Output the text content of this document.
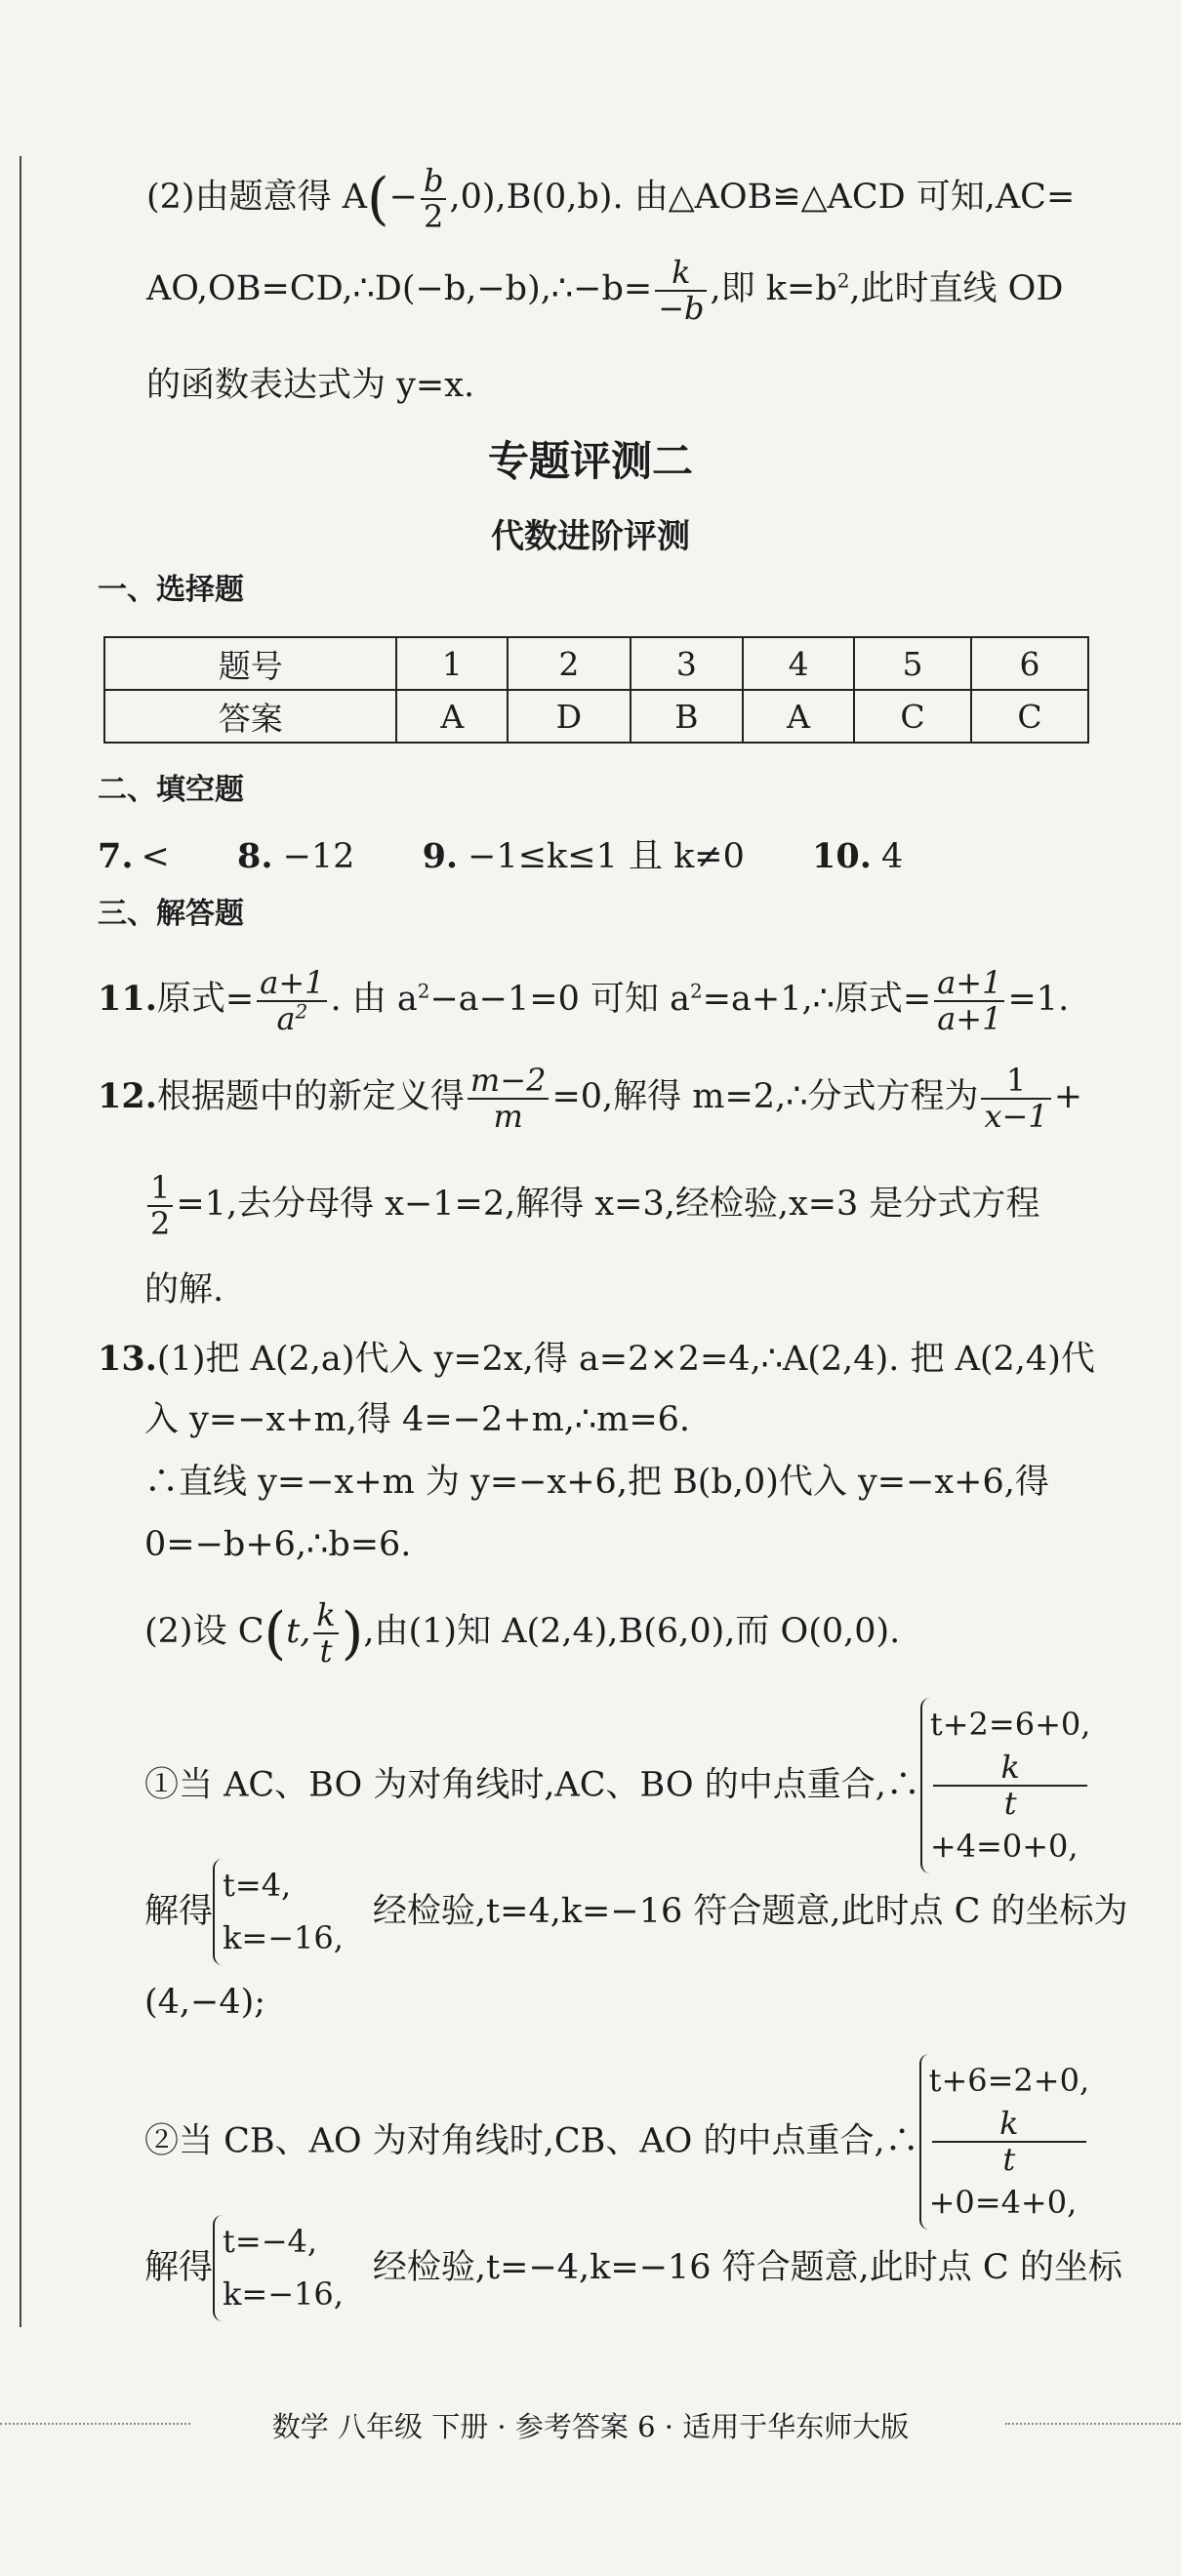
(2)由题意得 $A(- \frac{b}{2} ,0),B(0,b)$. 由△AOB≌△ACD 可知,AC=
AO,OB=CD,∴D(−b,−b),∴−b= $\frac{k}{-b}$ ,即 $k=b^2$,此时直线 OD
的函数表达式为 y=x.
专题评测二
代数进阶评测
一、选择题
题号	1	2	3	4	5	6
答案	A	D	B	A	C	C
二、填空题
7. < 8. −12 9. −1≤k≤1 且 k≠0 10. 4
三、解答题
11.原式= $\frac{a+1}{a^2}$ . 由 $a^2-a-1=0$ 可知 $a^2=a+1,\therefore$原式= $\frac{a+1}{a+1} =1$.
12.根据题中的新定义得 $\frac{m-2}{m} =0$,解得 m=2,∴分式方程为 $\frac{1}{x-1}$ +
$\frac{1}{2} =1$,去分母得 x−1=2,解得 x=3,经检验,x=3 是分式方程
的解.
13.(1)把 A(2,a)代入 y=2x,得 a=2×2=4,∴A(2,4). 把 A(2,4)代
入 y=−x+m,得 4=−2+m,∴m=6.
∴直线 y=−x+m 为 y=−x+6,把 B(b,0)代入 y=−x+6,得
0=−b+6,∴b=6.
(2)设 C(t, $\frac{k}{t}$ ),由(1)知 A(2,4),B(6,0),而 O(0,0).
①当 AC、BO 为对角线时,AC、BO 的中点重合,∴
t+2=6+0,
k
t
+4=0+0,
解得
t=4,
k=−16,
经检验,t=4,k=−16 符合题意,此时点 C 的坐标为
(4,−4);
②当 CB、AO 为对角线时,CB、AO 的中点重合,∴
t+6=2+0,
k
t
+0=4+0,
解得
t=−4,
k=−16,
经检验,t=−4,k=−16 符合题意,此时点 C 的坐标
数学 八年级 下册 · 参考答案 6 · 适用于华东师大版
